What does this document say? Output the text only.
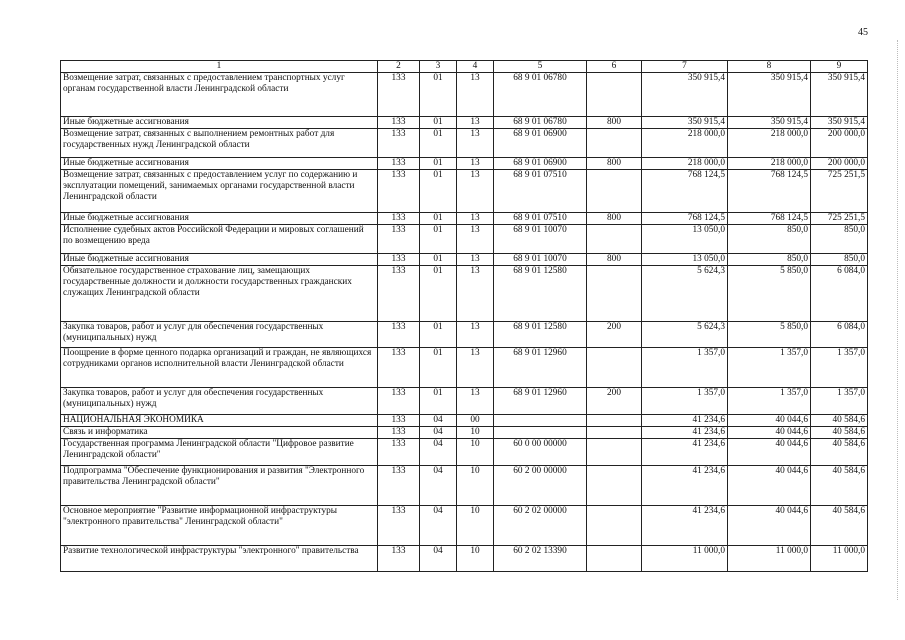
45
1	2	3	4	5	6	7	8	9
Возмещение затрат, связанных с предоставлением транспортных услуг органам государственной власти Ленинградской области	133	01	13	68 9 01 06780		350 915,4	350 915,4	350 915,4
Иные бюджетные ассигнования	133	01	13	68 9 01 06780	800	350 915,4	350 915,4	350 915,4
Возмещение затрат, связанных с выполнением ремонтных работ для государственных нужд Ленинградской области	133	01	13	68 9 01 06900		218 000,0	218 000,0	200 000,0
Иные бюджетные ассигнования	133	01	13	68 9 01 06900	800	218 000,0	218 000,0	200 000,0
Возмещение затрат, связанных с предоставлением услуг по содержанию и эксплуатации помещений, занимаемых органами государственной власти Ленинградской области	133	01	13	68 9 01 07510		768 124,5	768 124,5	725 251,5
Иные бюджетные ассигнования	133	01	13	68 9 01 07510	800	768 124,5	768 124,5	725 251,5
Исполнение судебных актов Российской Федерации и мировых соглашений по возмещению вреда	133	01	13	68 9 01 10070		13 050,0	850,0	850,0
Иные бюджетные ассигнования	133	01	13	68 9 01 10070	800	13 050,0	850,0	850,0
Обязательное государственное страхование лиц, замещающих государственные должности и должности государственных гражданских служащих Ленинградской области	133	01	13	68 9 01 12580		5 624,3	5 850,0	6 084,0
Закупка товаров, работ и услуг для обеспечения государственных (муниципальных) нужд	133	01	13	68 9 01 12580	200	5 624,3	5 850,0	6 084,0
Поощрение в форме ценного подарка организаций и граждан, не являющихся сотрудниками органов исполнительной власти Ленинградской области	133	01	13	68 9 01 12960		1 357,0	1 357,0	1 357,0
Закупка товаров, работ и услуг для обеспечения государственных (муниципальных) нужд	133	01	13	68 9 01 12960	200	1 357,0	1 357,0	1 357,0
НАЦИОНАЛЬНАЯ ЭКОНОМИКА	133	04	00			41 234,6	40 044,6	40 584,6
Связь и информатика	133	04	10			41 234,6	40 044,6	40 584,6
Государственная программа Ленинградской области "Цифровое развитие Ленинградской области"	133	04	10	60 0 00 00000		41 234,6	40 044,6	40 584,6
Подпрограмма "Обеспечение функционирования и развития "Электронного правительства Ленинградской области"	133	04	10	60 2 00 00000		41 234,6	40 044,6	40 584,6
Основное мероприятие "Развитие информационной инфраструктуры "электронного правительства" Ленинградской области"	133	04	10	60 2 02 00000		41 234,6	40 044,6	40 584,6
Развитие технологической инфраструктуры "электронного" правительства	133	04	10	60 2 02 13390		11 000,0	11 000,0	11 000,0
